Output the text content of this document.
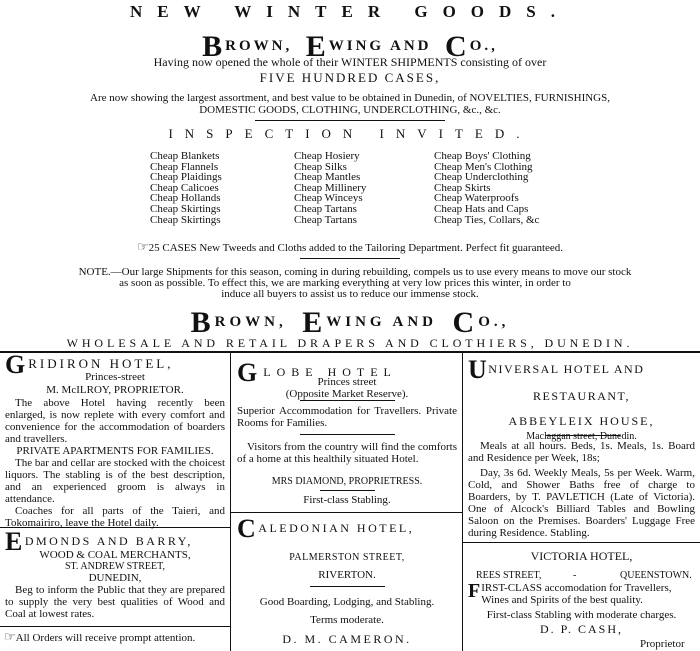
NEW WINTER GOODS.
BROWN, EWING AND CO.,
Having now opened the whole of their WINTER SHIPMENTS consisting of over
FIVE HUNDRED CASES,
Are now showing the largest assortment, and best value to be obtained in Dunedin, of NOVELTIES, FURNISHINGS,
DOMESTIC GOODS, CLOTHING, UNDERCLOTHING, &c., &c.
INSPECTION INVITED.
Cheap Blankets
Cheap Flannels
Cheap Plaidings
Cheap Calicoes
Cheap Hollands
Cheap Skirtings
Cheap Skirtings
Cheap Hosiery
Cheap Silks
Cheap Mantles
Cheap Millinery
Cheap Winceys
Cheap Tartans
Cheap Tartans
Cheap Boys' Clothing
Cheap Men's Clothing
Cheap Underclothing
Cheap Skirts
Cheap Waterproofs
Cheap Hats and Caps
Cheap Ties, Collars, &c
☞25 CASES New Tweeds and Cloths added to the Tailoring Department. Perfect fit guaranteed.
NOTE.—Our large Shipments for this season, coming in during rebuilding, compels us to use every means to move our stock
as soon as possible. To effect this, we are marking everything at very low prices this winter, in order to
induce all buyers to assist us to reduce our immense stock.
BROWN, EWING AND CO.,
WHOLESALE AND RETAIL DRAPERS AND CLOTHIERS, DUNEDIN.
GRIDIRON HOTEL,
Princes-street
M. McILROY, PROPRIETOR.
The above Hotel having recently been enlarged, is now replete with every comfort and convenience for the accommodation of boarders and travellers.
PRIVATE APARTMENTS FOR FAMILIES.
The bar and cellar are stocked with the choicest liquors. The stabling is of the best description, and an experienced groom is always in attendance.
Coaches for all parts of the Taieri, and Tokomairiro, leave the Hotel daily.
EDMONDS AND BARRY,
WOOD & COAL MERCHANTS,
ST. ANDREW STREET,
DUNEDIN,
Beg to inform the Public that they are prepared to supply the very best qualities of Wood and Coal at lowest rates.
☞All Orders will receive prompt attention.
GLOBE HOTEL
Princes street
(Opposite Market Reserve).
Superior Accommodation for Travellers. Private Rooms for Families.
Visitors from the country will find the comforts of a home at this healthily situated Hotel.
MRS DIAMOND, PROPRIETRESS.
First-class Stabling.
CALEDONIAN HOTEL,
PALMERSTON STREET,
RIVERTON.
Good Boarding, Lodging, and Stabling.
Terms moderate.
D. M. CAMERON.
UNIVERSAL HOTEL AND
RESTAURANT,
ABBEYLEIX HOUSE,
Maclaggan street, Dunedin.
Meals at all hours. Beds, 1s. Meals, 1s. Board and Residence per Week, 18s;
Day, 3s 6d. Weekly Meals, 5s per Week. Warm, Cold, and Shower Baths free of charge to Boarders, by T. PAVLETICH (Late of Victoria). One of Alcock's Billiard Tables and Bowling Saloon on the Premises. Boarders' Luggage Free during Residence. Stabling.
VICTORIA HOTEL,
REES STREET,	-	QUEENSTOWN.
FIRST-CLASS accomodation for Travellers, Wines and Spirits of the best quality.
First-class Stabling with moderate charges.
D. P. CASH,
Proprietor
